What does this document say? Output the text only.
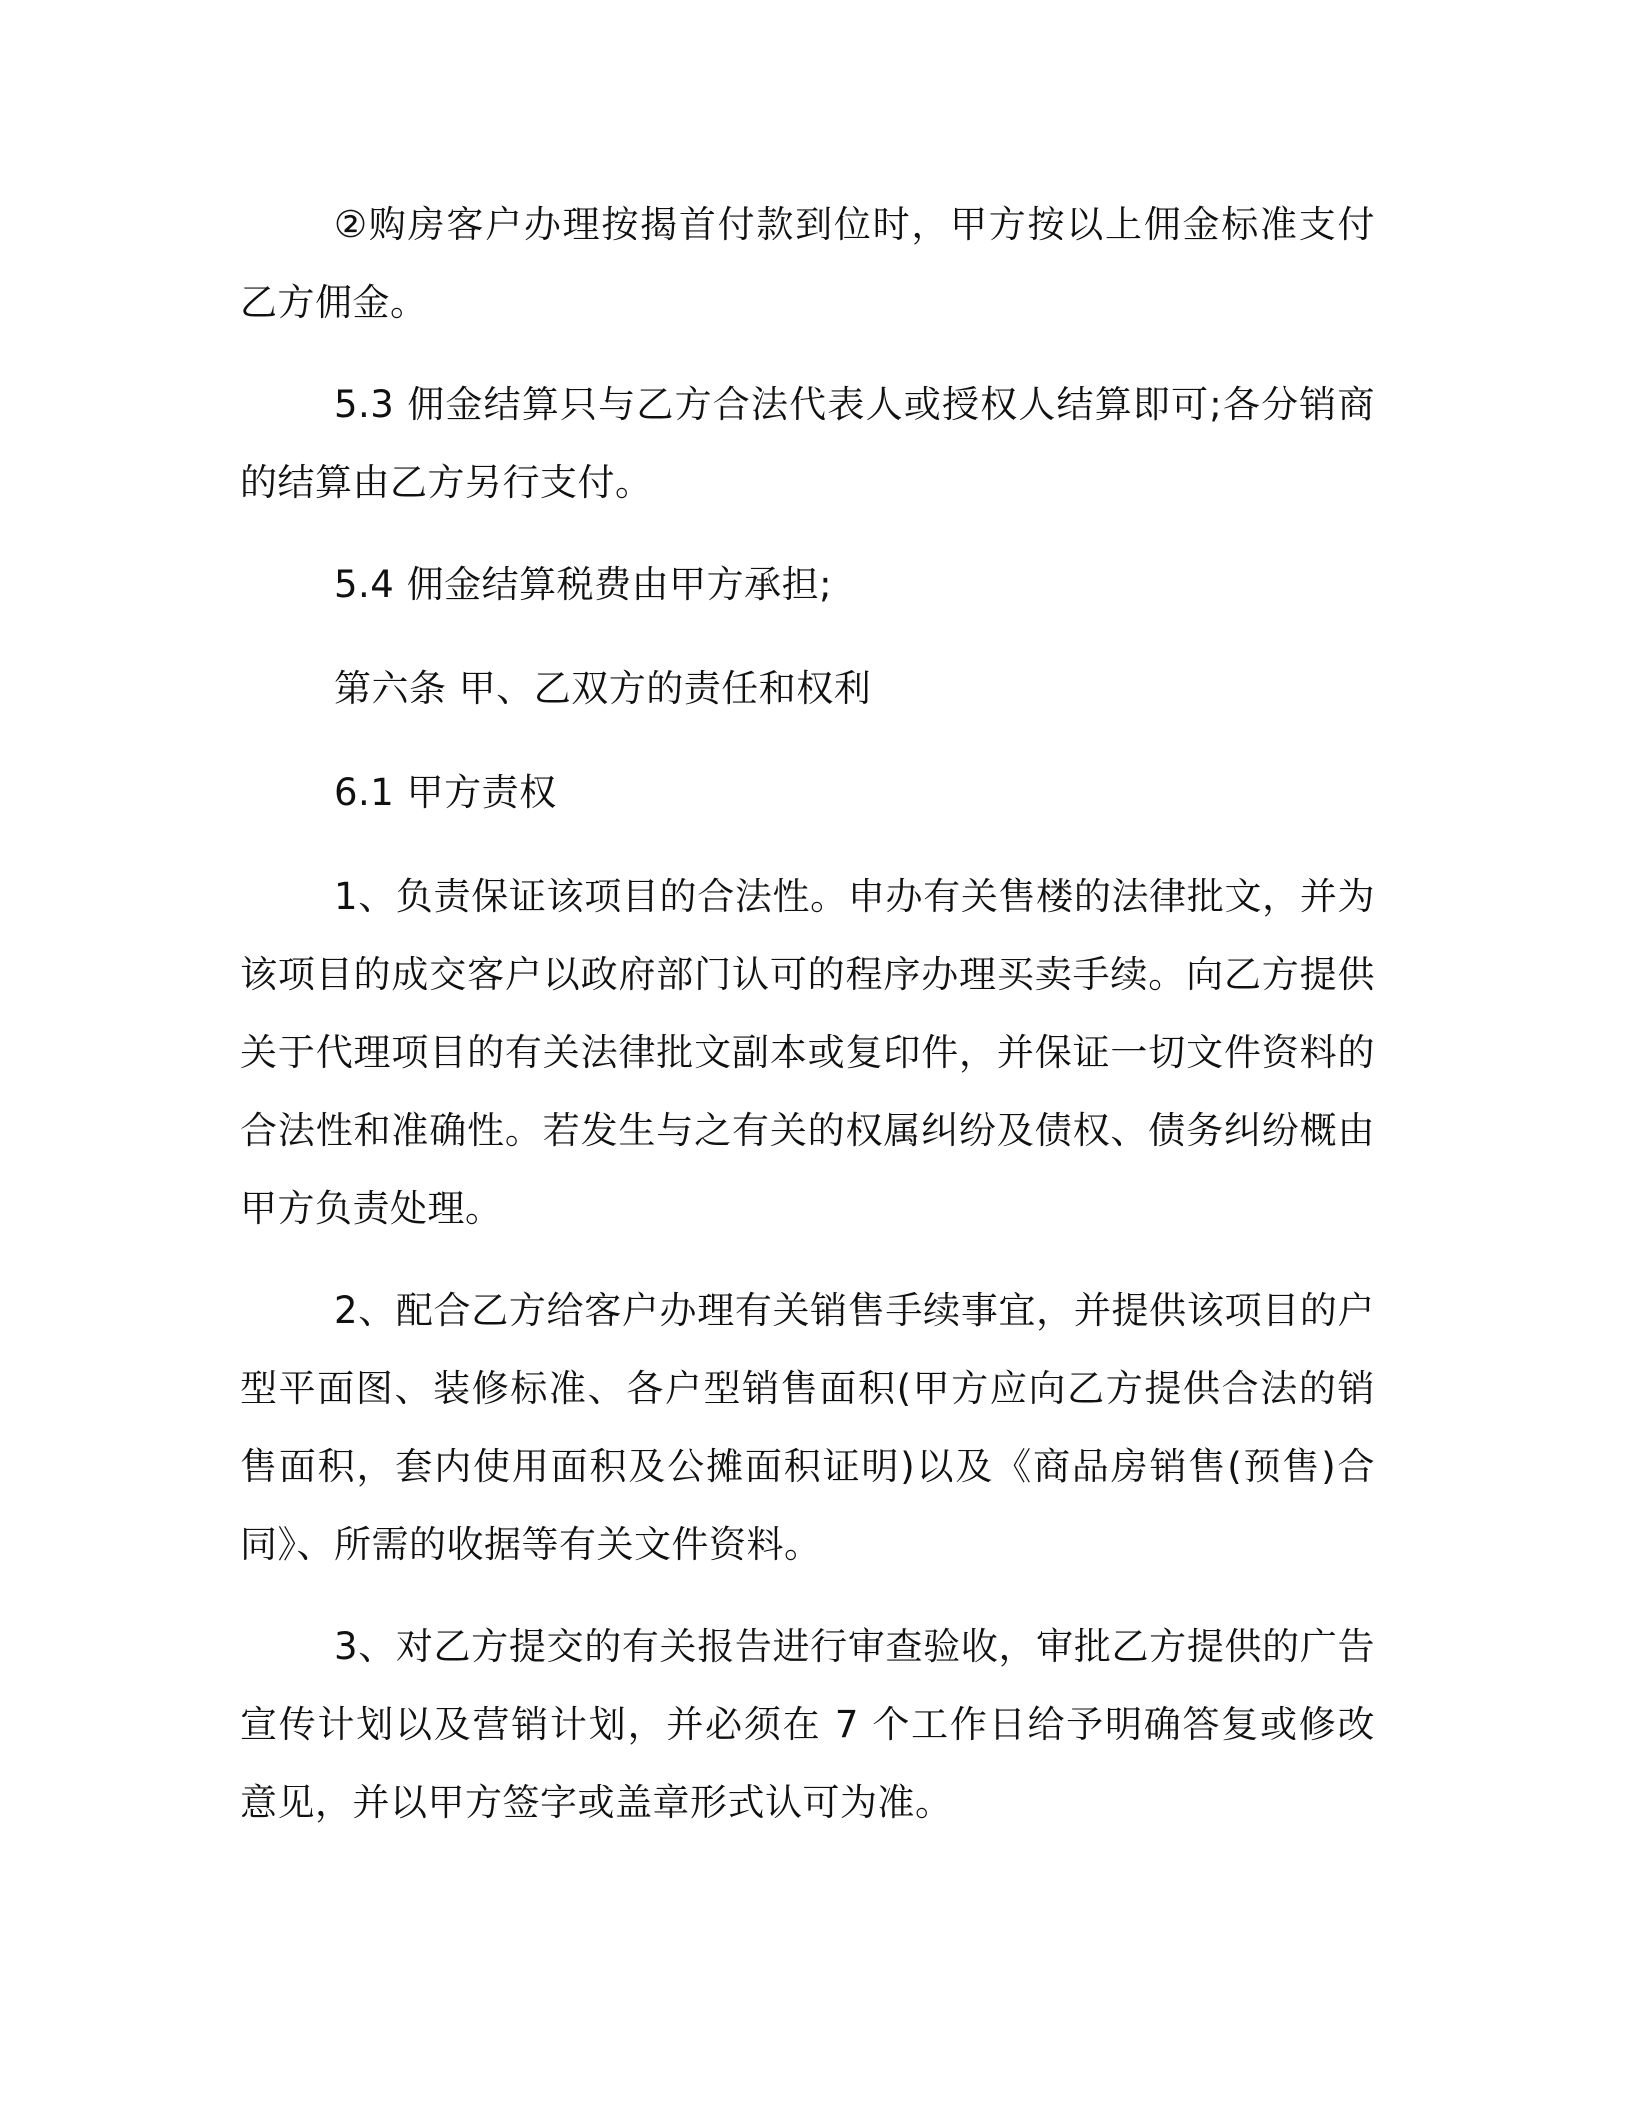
②购房客户办理按揭首付款到位时，甲方按以上佣金标准支付乙方佣金。

5.3 佣金结算只与乙方合法代表人或授权人结算即可;各分销商的结算由乙方另行支付。

5.4 佣金结算税费由甲方承担;

第六条 甲、乙双方的责任和权利

6.1 甲方责权

1、负责保证该项目的合法性。申办有关售楼的法律批文，并为该项目的成交客户以政府部门认可的程序办理买卖手续。向乙方提供关于代理项目的有关法律批文副本或复印件，并保证一切文件资料的合法性和准确性。若发生与之有关的权属纠纷及债权、债务纠纷概由甲方负责处理。

2、配合乙方给客户办理有关销售手续事宜，并提供该项目的户型平面图、装修标准、各户型销售面积(甲方应向乙方提供合法的销售面积，套内使用面积及公摊面积证明)以及《商品房销售(预售)合同》、所需的收据等有关文件资料。

3、对乙方提交的有关报告进行审查验收，审批乙方提供的广告宣传计划以及营销计划，并必须在 7 个工作日给予明确答复或修改意见，并以甲方签字或盖章形式认可为准。
